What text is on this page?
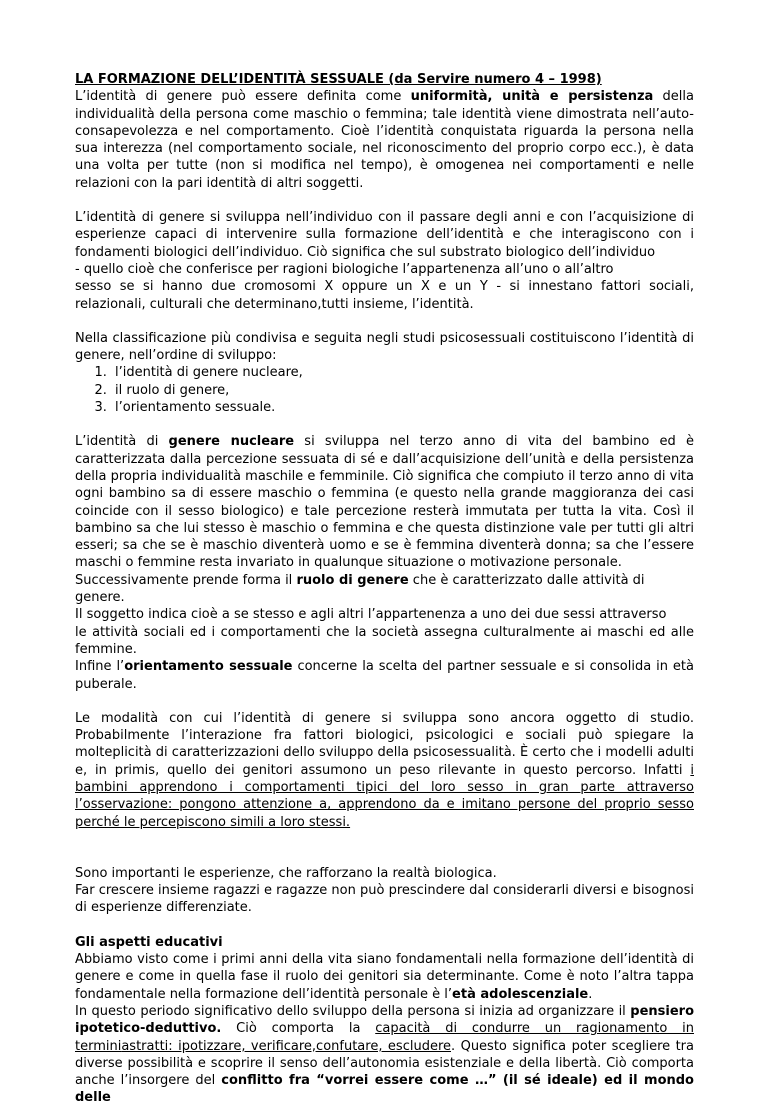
LA FORMAZIONE DELL’IDENTITÀ SESSUALE (da Servire numero 4 – 1998)

L’identità di genere può essere definita come uniformità, unità e persistenza della individualità della persona come maschio o femmina; tale identità viene dimostrata nell’auto-consapevolezza e nel comportamento. Cioè l’identità conquistata riguarda la persona nella sua interezza (nel comportamento sociale, nel riconoscimento del proprio corpo ecc.), è data una volta per tutte (non si modifica nel tempo), è omogenea nei comportamenti e nelle relazioni con la pari identità di altri soggetti.

L’identità di genere si sviluppa nell’individuo con il passare degli anni e con l’acquisizione di esperienze capaci di intervenire sulla formazione dell’identità e che interagiscono con i fondamenti biologici dell’individuo. Ciò significa che sul substrato biologico dell’individuo
- quello cioè che conferisce per ragioni biologiche l’appartenenza all’uno o all’altro
sesso se si hanno due cromosomi X oppure un X e un Y - si innestano fattori sociali, relazionali, culturali che determinano,tutti insieme, l’identità.

Nella classificazione più condivisa e seguita negli studi psicosessuali costituiscono l’identità di genere, nell’ordine di sviluppo:

1. l’identità di genere nucleare,
2. il ruolo di genere,
3. l’orientamento sessuale.

L’identità di genere nucleare si sviluppa nel terzo anno di vita del bambino ed è caratterizzata dalla percezione sessuata di sé e dall’acquisizione dell’unità e della persistenza della propria individualità maschile e femminile. Ciò significa che compiuto il terzo anno di vita ogni bambino sa di essere maschio o femmina (e questo nella grande maggioranza dei casi coincide con il sesso biologico) e tale percezione resterà immutata per tutta la vita. Così il bambino sa che lui stesso è maschio o femmina e che questa distinzione vale per tutti gli altri esseri; sa che se è maschio diventerà uomo e se è femmina diventerà donna; sa che l’essere maschi o femmine resta invariato in qualunque situazione o motivazione personale.

Successivamente prende forma il ruolo di genere che è caratterizzato dalle attività di genere.

Il soggetto indica cioè a se stesso e agli altri l’appartenenza a uno dei due sessi attraverso

le attività sociali ed i comportamenti che la società assegna culturalmente ai maschi ed alle femmine.

Infine l’orientamento sessuale concerne la scelta del partner sessuale e si consolida in età puberale.

Le modalità con cui l’identità di genere si sviluppa sono ancora oggetto di studio. Probabilmente l’interazione fra fattori biologici, psicologici e sociali può spiegare la molteplicità di caratterizzazioni dello sviluppo della psicosessualità. È certo che i modelli adulti e, in primis, quello dei genitori assumono un peso rilevante in questo percorso. Infatti i bambini apprendono i comportamenti tipici del loro sesso in gran parte attraverso l’osservazione: pongono attenzione a, apprendono da e imitano persone del proprio sesso perché le percepiscono simili a loro stessi.

Sono importanti le esperienze, che rafforzano la realtà biologica.

Far crescere insieme ragazzi e ragazze non può prescindere dal considerarli diversi e bisognosi di esperienze differenziate.

Gli aspetti educativi

Abbiamo visto come i primi anni della vita siano fondamentali nella formazione dell’identità di genere e come in quella fase il ruolo dei genitori sia determinante. Come è noto l’altra tappa fondamentale nella formazione dell’identità personale è l’età adolescenziale.

In questo periodo significativo dello sviluppo della persona si inizia ad organizzare il pensiero ipotetico-deduttivo. Ciò comporta la capacità di condurre un ragionamento in terminiastratti: ipotizzare, verificare,confutare, escludere. Questo significa poter scegliere tra diverse possibilità e scoprire il senso dell’autonomia esistenziale e della libertà. Ciò comporta anche l’insorgere del conflitto fra “vorrei essere come …” (il sé ideale) ed il mondo delle
